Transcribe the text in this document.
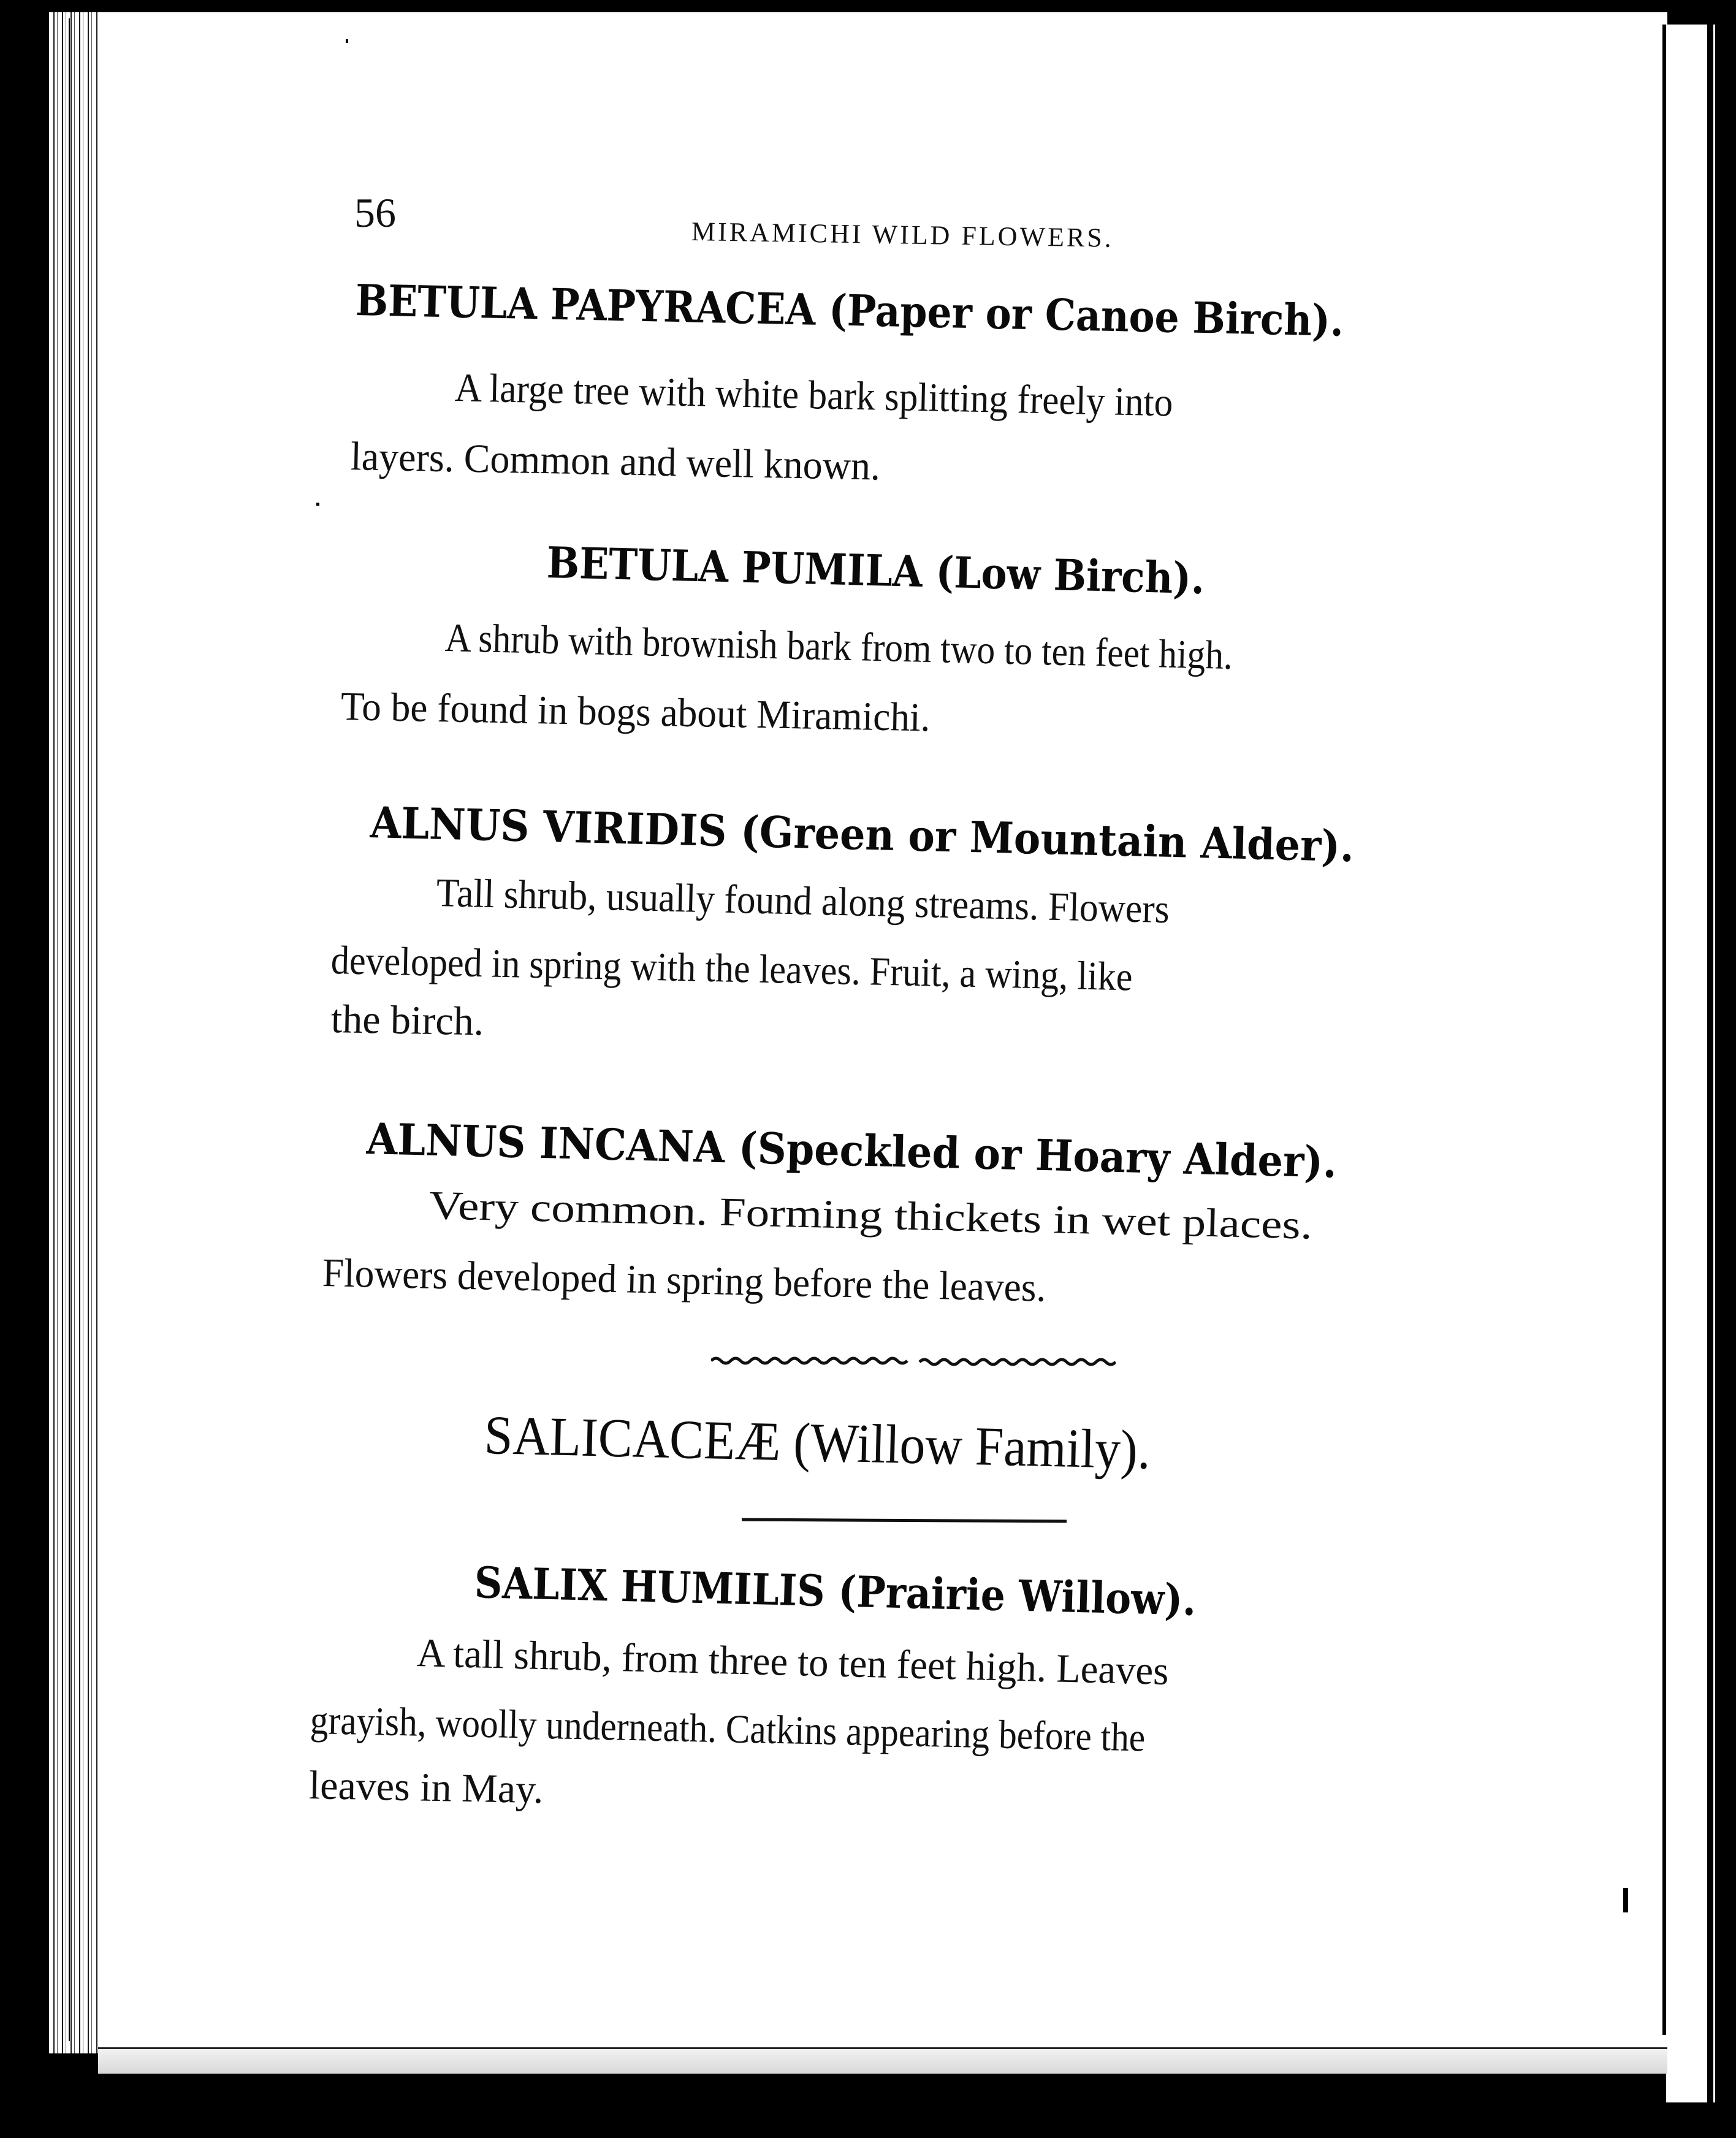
56	MIRAMICHI WILD FLOWERS.
BETULA PAPYRACEA (Paper or Canoe Birch).
A large tree with white bark splitting freely into
layers. Common and well known.
BETULA PUMILA (Low Birch).
A shrub with brownish bark from two to ten feet high.
To be found in bogs about Miramichi.
ALNUS VIRIDIS (Green or Mountain Alder).
Tall shrub, usually found along streams. Flowers
developed in spring with the leaves. Fruit, a wing, like
the birch.
ALNUS INCANA (Speckled or Hoary Alder).
Very common. Forming thickets in wet places.
Flowers developed in spring before the leaves.
SALICACEÆ (Willow Family).
SALIX HUMILIS (Prairie Willow).
A tall shrub, from three to ten feet high. Leaves
grayish, woolly underneath. Catkins appearing before the
leaves in May.
